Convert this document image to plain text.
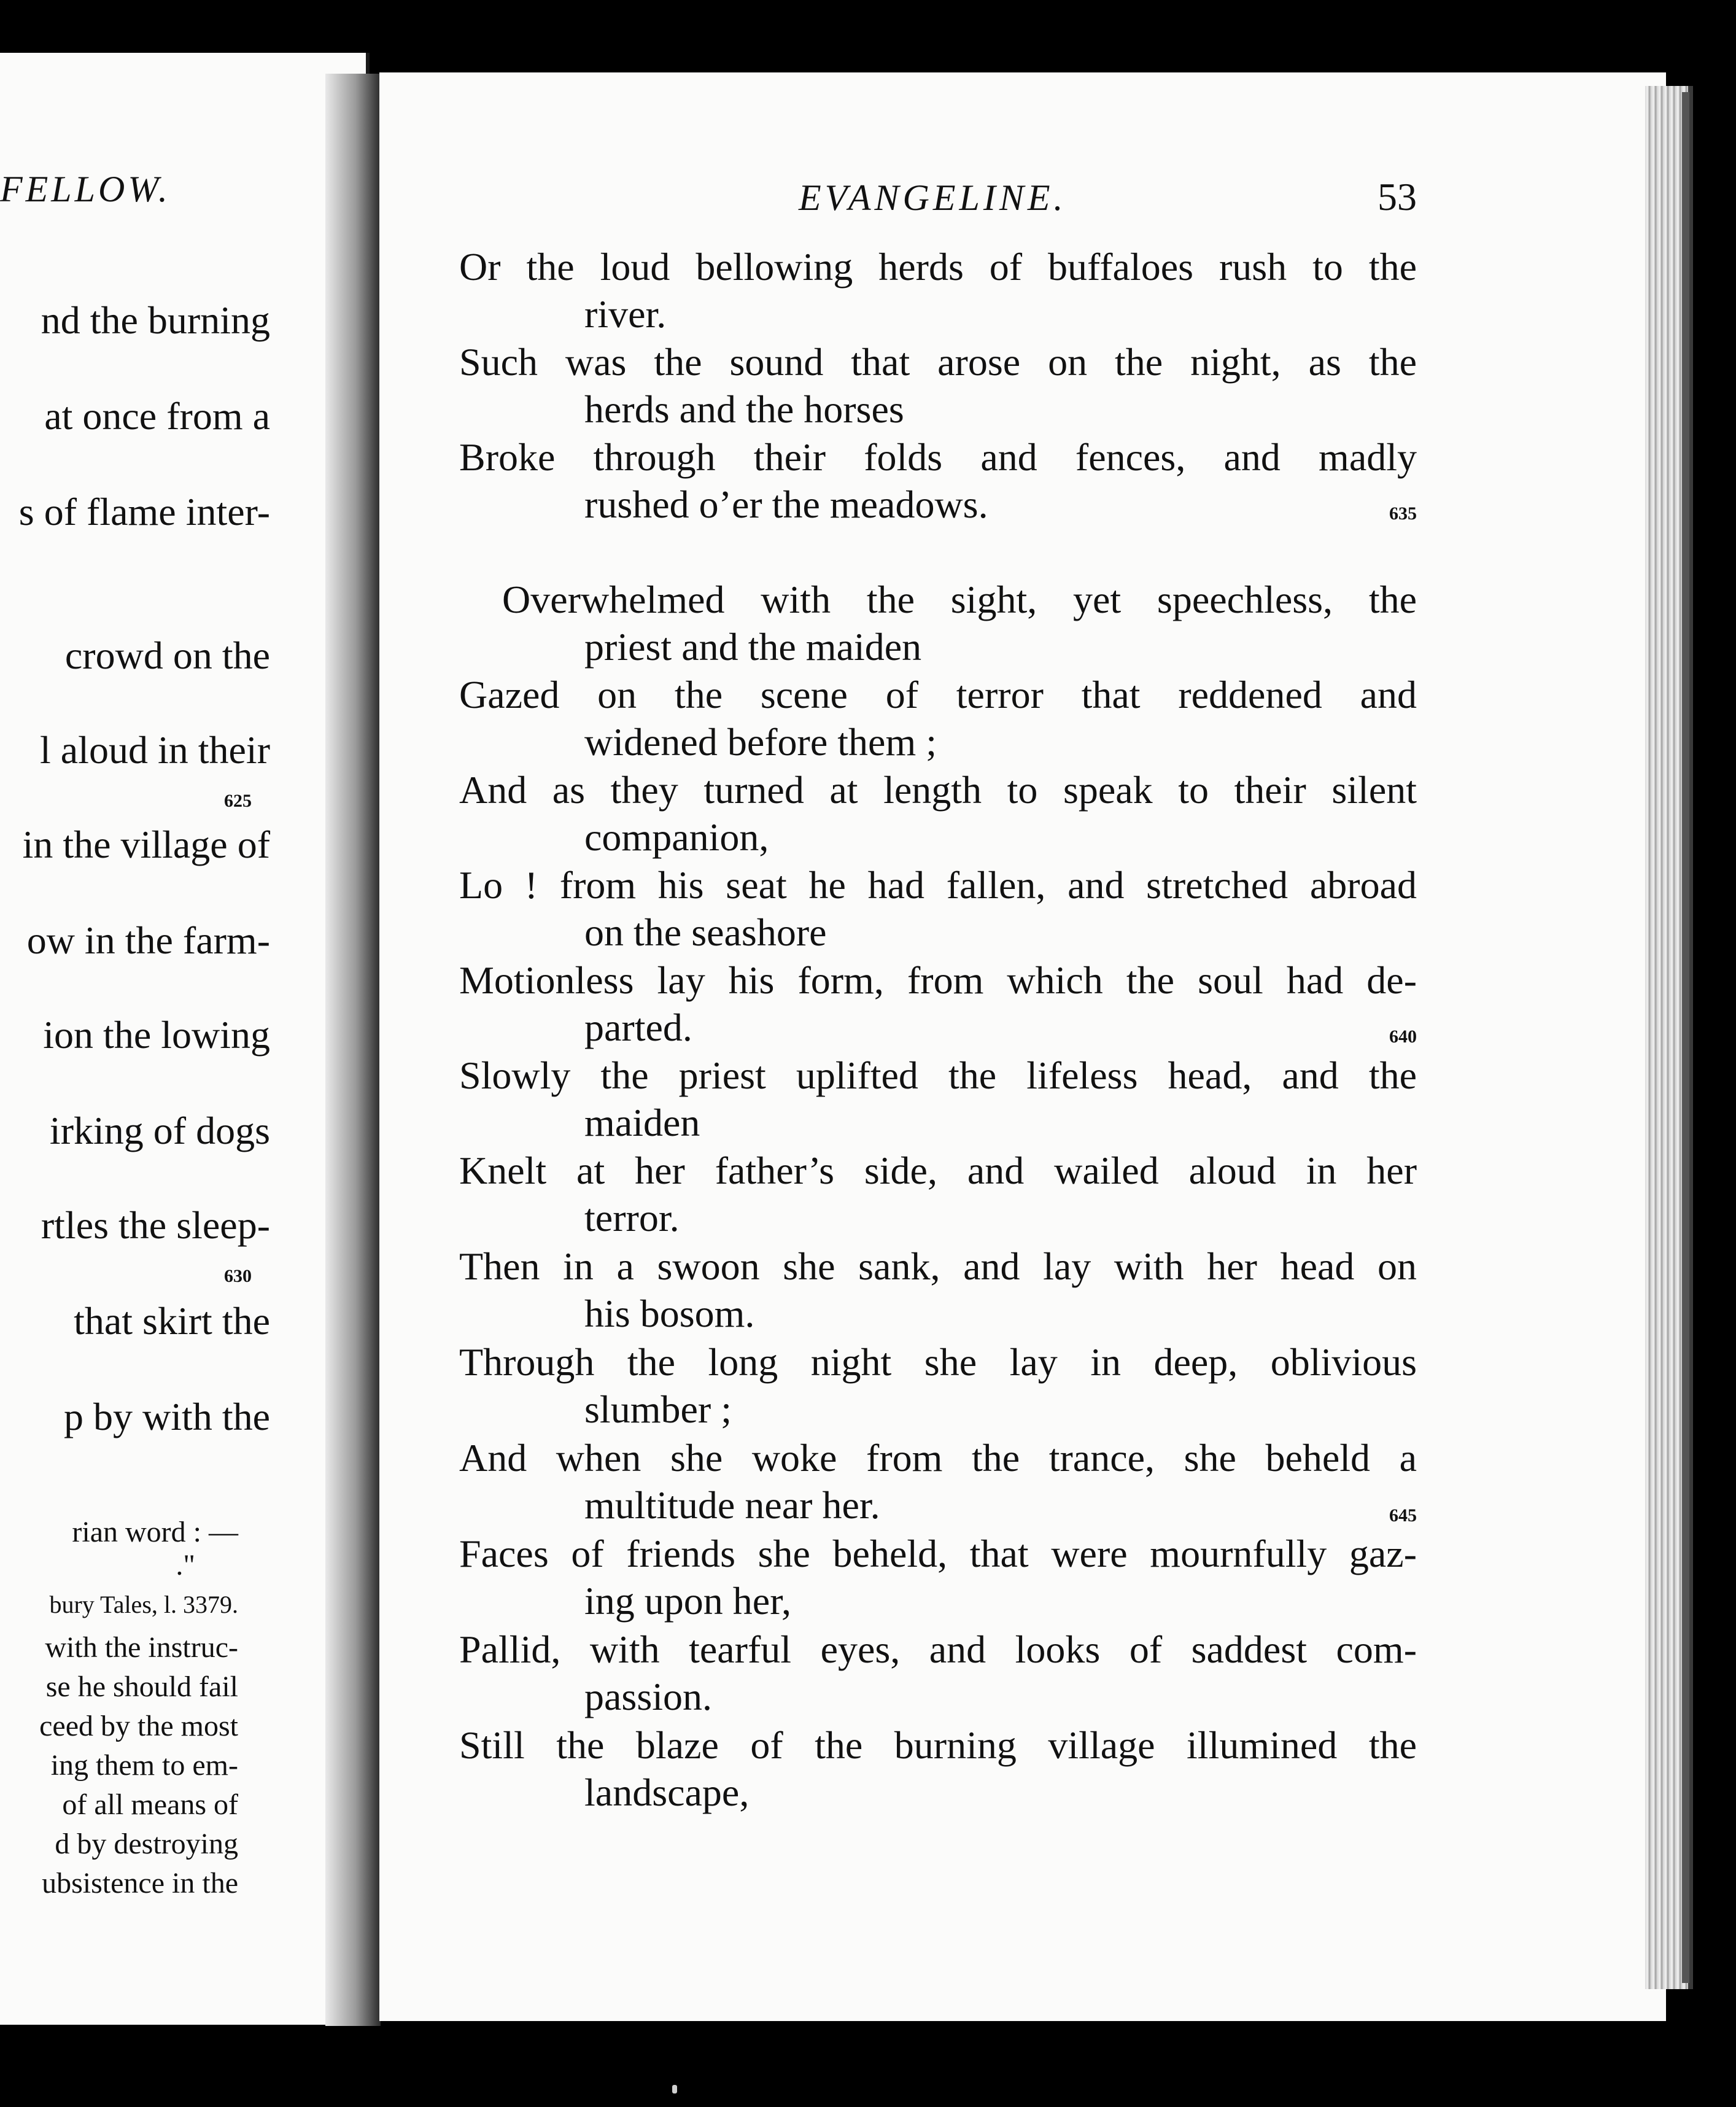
FELLOW.
nd the burning
at once from a
s of flame inter-
crowd on the
l aloud in their
625
in the village of
ow in the farm-
ion the lowing
irking of dogs
rtles the sleep-
630
that skirt the
p by with the
rian word : —
."
bury Tales, l. 3379.
with the instruc-
se he should fail
ceed by the most
ing them to em-
of all means of
d by destroying
ubsistence in the
EVANGELINE.	53
Or the loud bellowing herds of buffaloes rush to the
river.
Such was the sound that arose on the night, as the
herds and the horses
Broke through their folds and fences, and madly
rushed o’er the meadows.	635
Overwhelmed with the sight, yet speechless, the
priest and the maiden
Gazed on the scene of terror that reddened and
widened before them ;
And as they turned at length to speak to their silent
companion,
Lo ! from his seat he had fallen, and stretched abroad
on the seashore
Motionless lay his form, from which the soul had de-
parted.	640
Slowly the priest uplifted the lifeless head, and the
maiden
Knelt at her father’s side, and wailed aloud in her
terror.
Then in a swoon she sank, and lay with her head on
his bosom.
Through the long night she lay in deep, oblivious
slumber ;
And when she woke from the trance, she beheld a
multitude near her.	645
Faces of friends she beheld, that were mournfully gaz-
ing upon her,
Pallid, with tearful eyes, and looks of saddest com-
passion.
Still the blaze of the burning village illumined the
landscape,
